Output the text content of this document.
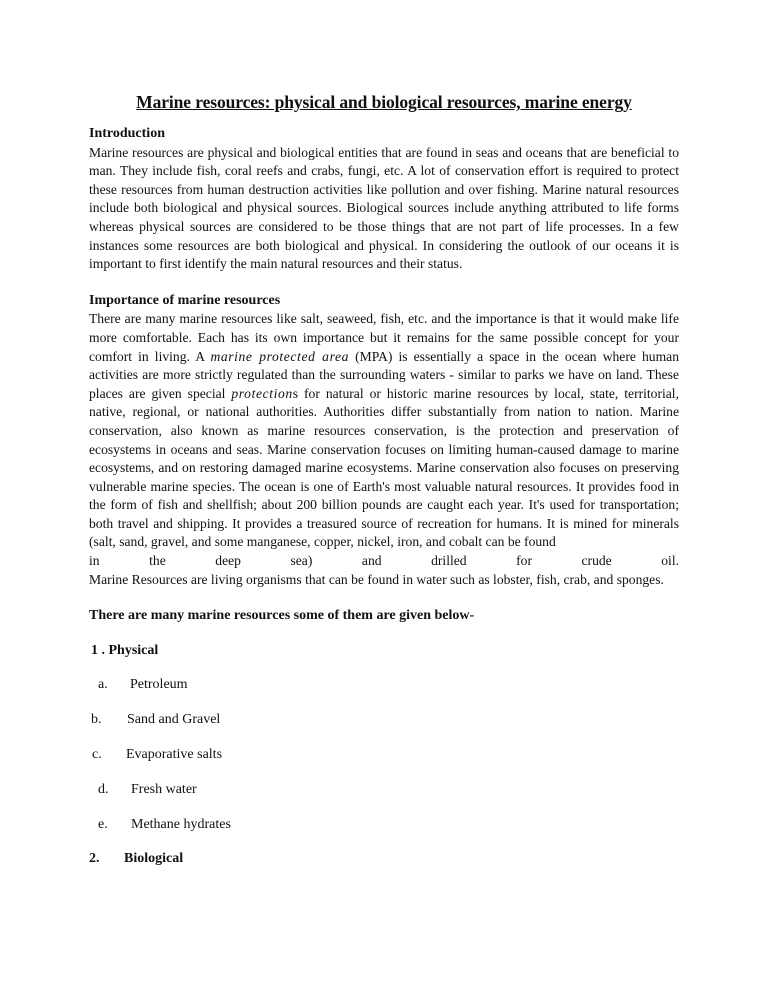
Marine resources: physical and biological resources, marine energy
Introduction

Marine resources are physical and biological entities that are found in seas and oceans that are beneficial to man. They include fish, coral reefs and crabs, fungi, etc. A lot of conservation effort is required to protect these resources from human destruction activities like pollution and over fishing. Marine natural resources include both biological and physical sources. Biological sources include anything attributed to life forms whereas physical sources are considered to be those things that are not part of life processes. In a few instances some resources are both biological and physical. In considering the outlook of our oceans it is important to first identify the main natural resources and their status.

Importance of marine resources

There are many marine resources like salt, seaweed, fish, etc. and the importance is that it would make life more comfortable. Each has its own importance but it remains for the same possible concept for your comfort in living. A marine protected area (MPA) is essentially a space in the ocean where human activities are more strictly regulated than the surrounding waters - similar to parks we have on land. These places are given special protections for natural or historic marine resources by local, state, territorial, native, regional, or national authorities. Authorities differ substantially from nation to nation. Marine conservation, also known as marine resources conservation, is the protection and preservation of ecosystems in oceans and seas. Marine conservation focuses on limiting human-caused damage to marine ecosystems, and on restoring damaged marine ecosystems. Marine conservation also focuses on preserving vulnerable marine species. The ocean is one of Earth's most valuable natural resources. It provides food in the form of fish and shellfish; about 200 billion pounds are caught each year. It's used for transportation; both travel and shipping. It provides a treasured source of recreation for humans. It is mined for minerals (salt, sand, gravel, and some manganese, copper, nickel, iron, and cobalt can be found
in the deep sea) and drilled for crude oil.
Marine Resources are living organisms that can be found in water such as lobster, fish, crab, and sponges.

There are many marine resources some of them are given below-
1 . Physical
a. Petroleum
b. Sand and Gravel
c. Evaporative salts
d. Fresh water
e. Methane hydrates
2. Biological
